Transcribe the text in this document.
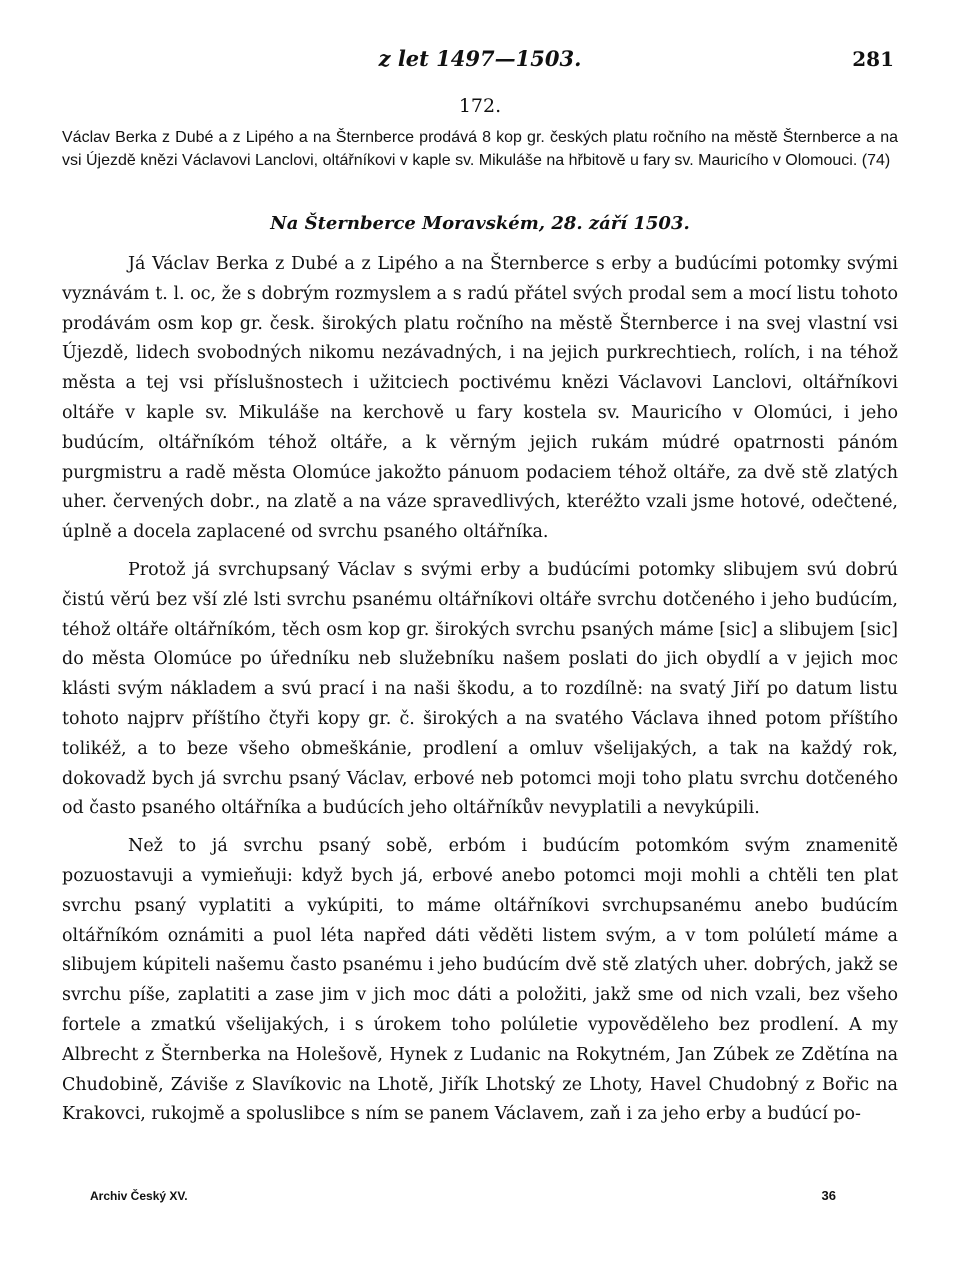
z let 1497—1503.	281
172.
Václav Berka z Dubé a z Lipého a na Šternberce prodává 8 kop gr. českých platu ročního na městě Šternberce a na vsi Újezdě knězi Václavovi Lanclovi, oltářníkovi v kaple sv. Mikuláše na hřbitově u fary sv. Mauricího v Olomouci. (74)
Na Šternberce Moravském, 28. září 1503.

Já Václav Berka z Dubé a z Lipého a na Šternberce s erby a budúcími potomky svými vyznávám t. l. oc, že s dobrým rozmyslem a s radú přátel svých prodal sem a mocí listu tohoto prodávám osm kop gr. česk. širokých platu ročního na městě Šternberce i na svej vlastní vsi Újezdě, lidech svobodných nikomu nezávadných, i na jejich purkrechtiech, rolích, i na téhož města a tej vsi příslušnostech i užitciech poctivému knězi Václavovi Lanclovi, oltářníkovi oltáře v kaple sv. Mikuláše na kerchově u fary kostela sv. Mauricího v Olomúci, i jeho budúcím, oltářníkóm téhož oltáře, a k věrným jejich rukám múdré opatrnosti pánóm purgmistru a radě města Olomúce jakožto pánuom podaciem téhož oltáře, za dvě stě zlatých uher. červených dobr., na zlatě a na váze spravedlivých, kteréžto vzali jsme hotové, odečtené, úplně a docela zaplacené od svrchu psaného oltářníka.

Protož já svrchupsaný Václav s svými erby a budúcími potomky slibujem svú dobrú čistú věrú bez vší zlé lsti svrchu psanému oltářníkovi oltáře svrchu dotčeného i jeho budúcím, téhož oltáře oltářníkóm, těch osm kop gr. širokých svrchu psaných máme [sic] a slibujem [sic] do města Olomúce po úředníku neb služebníku našem poslati do jich obydlí a v jejich moc klásti svým nákladem a svú prací i na naši škodu, a to rozdílně: na svatý Jiří po datum listu tohoto najprv příštího čtyři kopy gr. č. širokých a na svatého Václava ihned potom příštího tolikéž, a to beze všeho obmeškánie, prodlení a omluv všelijakých, a tak na každý rok, dokovadž bych já svrchu psaný Václav, erbové neb potomci moji toho platu svrchu dotčeného od často psaného oltářníka a budúcích jeho oltářníkův nevyplatili a nevykúpili.

Než to já svrchu psaný sobě, erbóm i budúcím potomkóm svým znamenitě pozuostavuji a vymieňuji: když bych já, erbové anebo potomci moji mohli a chtěli ten plat svrchu psaný vyplatiti a vykúpiti, to máme oltářníkovi svrchupsanému anebo budúcím oltářníkóm oznámiti a puol léta napřed dáti věděti listem svým, a v tom polúletí máme a slibujem kúpiteli našemu často psanému i jeho budúcím dvě stě zlatých uher. dobrých, jakž se svrchu píše, zaplatiti a zase jim v jich moc dáti a položiti, jakž sme od nich vzali, bez všeho fortele a zmatkú všelijakých, i s úrokem toho polúletie vypověděleho bez prodlení. A my Albrecht z Šternberka na Holešově, Hynek z Ludanic na Rokytném, Jan Zúbek ze Zdětína na Chudobině, Záviše z Slavíkovic na Lhotě, Jiřík Lhotský ze Lhoty, Havel Chudobný z Bořic na Krakovci, rukojmě a spoluslibce s ním se panem Václavem, zaň i za jeho erby a budúcí po-

Archiv Český XV.	36
